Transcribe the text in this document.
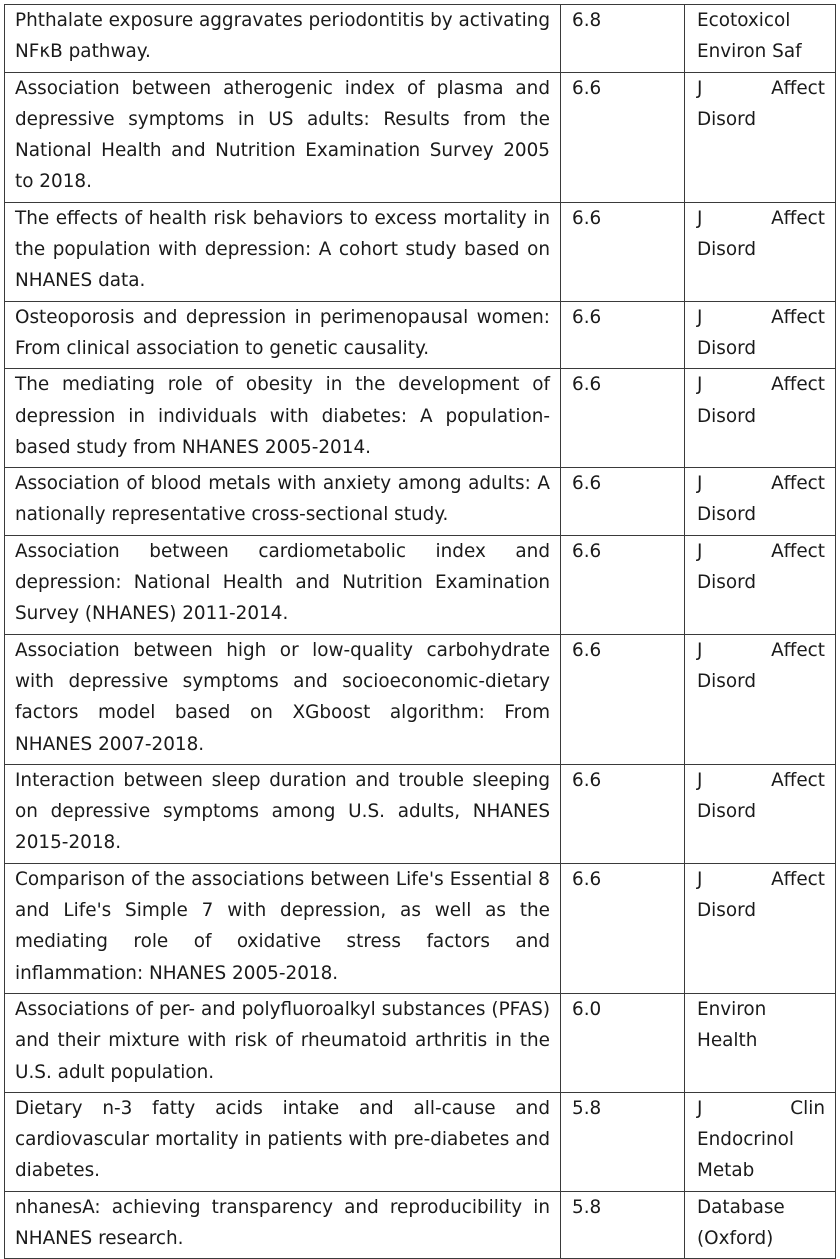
Phthalate exposure aggravates periodontitis by activating NFκB pathway.	6.8	Ecotoxicol Environ Saf

Association between atherogenic index of plasma and depressive symptoms in US adults: Results from the National Health and Nutrition Examination Survey 2005 to 2018.	6.6	J Affect Disord

The effects of health risk behaviors to excess mortality in the population with depression: A cohort study based on NHANES data.	6.6	J Affect Disord

Osteoporosis and depression in perimenopausal women: From clinical association to genetic causality.	6.6	J Affect Disord

The mediating role of obesity in the development of depression in individuals with diabetes: A population-based study from NHANES 2005-2014.	6.6	J Affect Disord

Association of blood metals with anxiety among adults: A nationally representative cross-sectional study.	6.6	J Affect Disord

Association between cardiometabolic index and depression: National Health and Nutrition Examination Survey (NHANES) 2011-2014.	6.6	J Affect Disord

Association between high or low-quality carbohydrate with depressive symptoms and socioeconomic-dietary factors model based on XGboost algorithm: From NHANES 2007-2018.	6.6	J Affect Disord

Interaction between sleep duration and trouble sleeping on depressive symptoms among U.S. adults, NHANES 2015-2018.	6.6	J Affect Disord

Comparison of the associations between Life's Essential 8 and Life's Simple 7 with depression, as well as the mediating role of oxidative stress factors and inflammation: NHANES 2005-2018.	6.6	J Affect Disord

Associations of per- and polyfluoroalkyl substances (PFAS) and their mixture with risk of rheumatoid arthritis in the U.S. adult population.	6.0	Environ Health

Dietary n-3 fatty acids intake and all-cause and cardiovascular mortality in patients with pre-diabetes and diabetes.	5.8	J Clin Endocrinol Metab

nhanesA: achieving transparency and reproducibility in NHANES research.	5.8	Database (Oxford)
